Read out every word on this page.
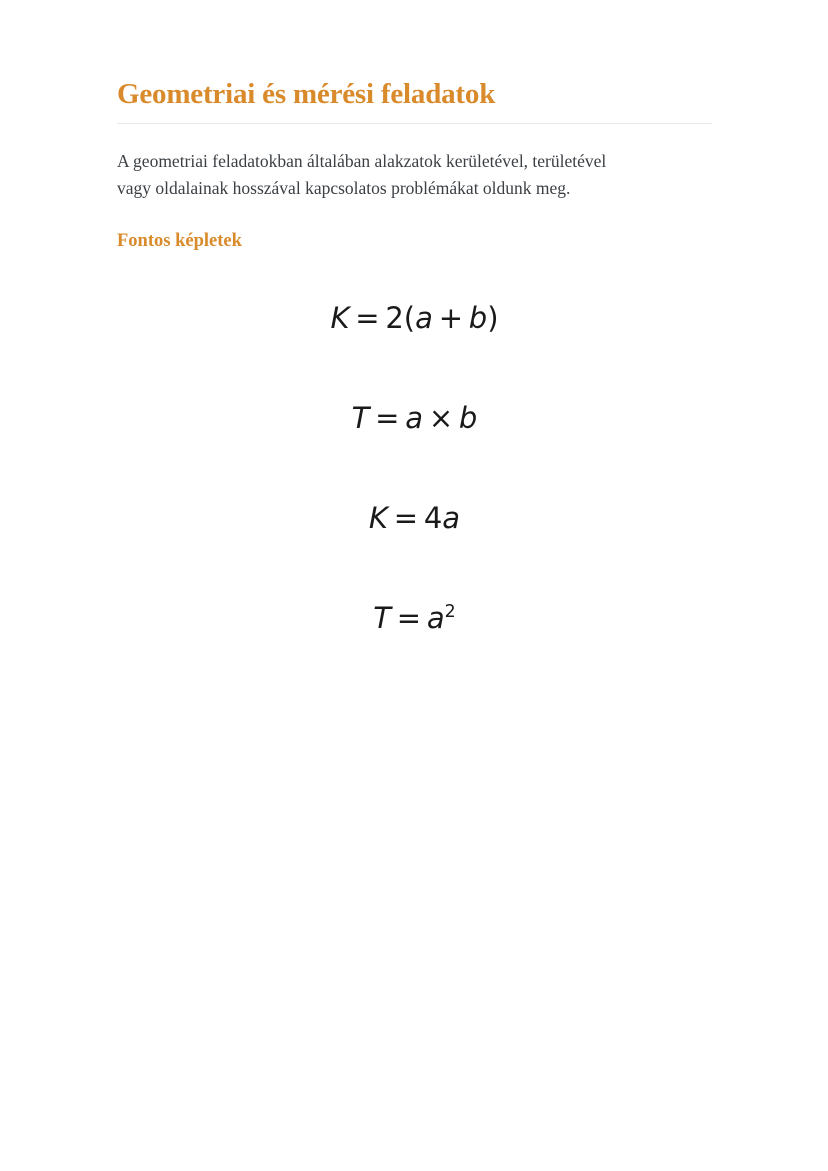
Geometriai és mérési feladatok

A geometriai feladatokban általában alakzatok kerületével, területével
vagy oldalainak hosszával kapcsolatos problémákat oldunk meg.

Fontos képletek
K = 2(a + b)
T = a × b
K = 4a
$T = a^2$
